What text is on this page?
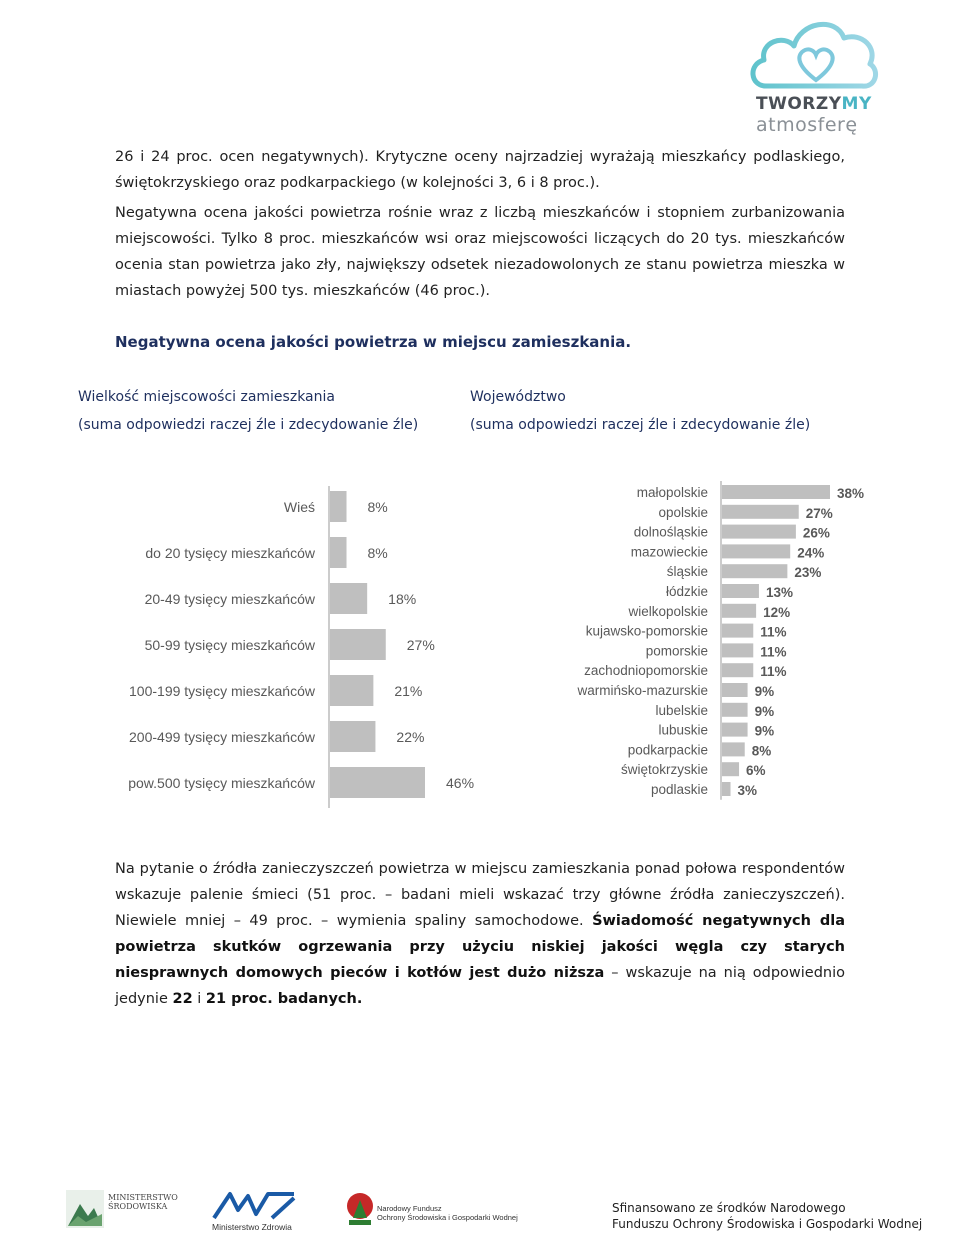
TWORZYMY
atmosferę
26 i 24 proc. ocen negatywnych). Krytyczne oceny najrzadziej wyrażają mieszkańcy podlaskiego, świętokrzyskiego oraz podkarpackiego (w kolejności 3, 6 i 8 proc.).
Negatywna ocena jakości powietrza rośnie wraz z liczbą mieszkańców i stopniem zurbanizowania miejscowości. Tylko 8 proc. mieszkańców wsi oraz miejscowości liczących do 20 tys. mieszkańców ocenia stan powietrza jako zły, największy odsetek niezadowolonych ze stanu powietrza mieszka w miastach powyżej 500 tys. mieszkańców (46 proc.).
Negatywna ocena jakości powietrza w miejscu zamieszkania.
Wielkość miejscowości zamieszkania
(suma odpowiedzi raczej źle i zdecydowanie źle)
Województwo
(suma odpowiedzi raczej źle i zdecydowanie źle)
Wieś	8%
do 20 tysięcy mieszkańców	8%
20-49 tysięcy mieszkańców	18%
50-99 tysięcy mieszkańców	27%
100-199 tysięcy mieszkańców	21%
200-499 tysięcy mieszkańców	22%
pow.500 tysięcy mieszkańców	46%
małopolskie	38%
opolskie	27%
dolnośląskie	26%
mazowieckie	24%
śląskie	23%
łódzkie	13%
wielkopolskie	12%
kujawsko-pomorskie	11%
pomorskie	11%
zachodniopomorskie	11%
warmińsko-mazurskie	9%
lubelskie	9%
lubuskie	9%
podkarpackie	8%
świętokrzyskie	6%
podlaskie 3%
Na pytanie o źródła zanieczyszczeń powietrza w miejscu zamieszkania ponad połowa respondentów wskazuje palenie śmieci (51 proc. – badani mieli wskazać trzy główne źródła zanieczyszczeń). Niewiele mniej – 49 proc. – wymienia spaliny samochodowe. Świadomość negatywnych dla powietrza skutków ogrzewania przy użyciu niskiej jakości węgla czy starych niesprawnych domowych pieców i kotłów jest dużo niższa – wskazuje na nią odpowiednio jedynie 22 i 21 proc. badanych.
MINISTERSTWO
ŚRODOWISKA
Ministerstwo Zdrowia
Narodowy Fundusz
Ochrony Środowiska i Gospodarki Wodnej
Sfinansowano ze środków Narodowego
Funduszu Ochrony Środowiska i Gospodarki Wodnej
